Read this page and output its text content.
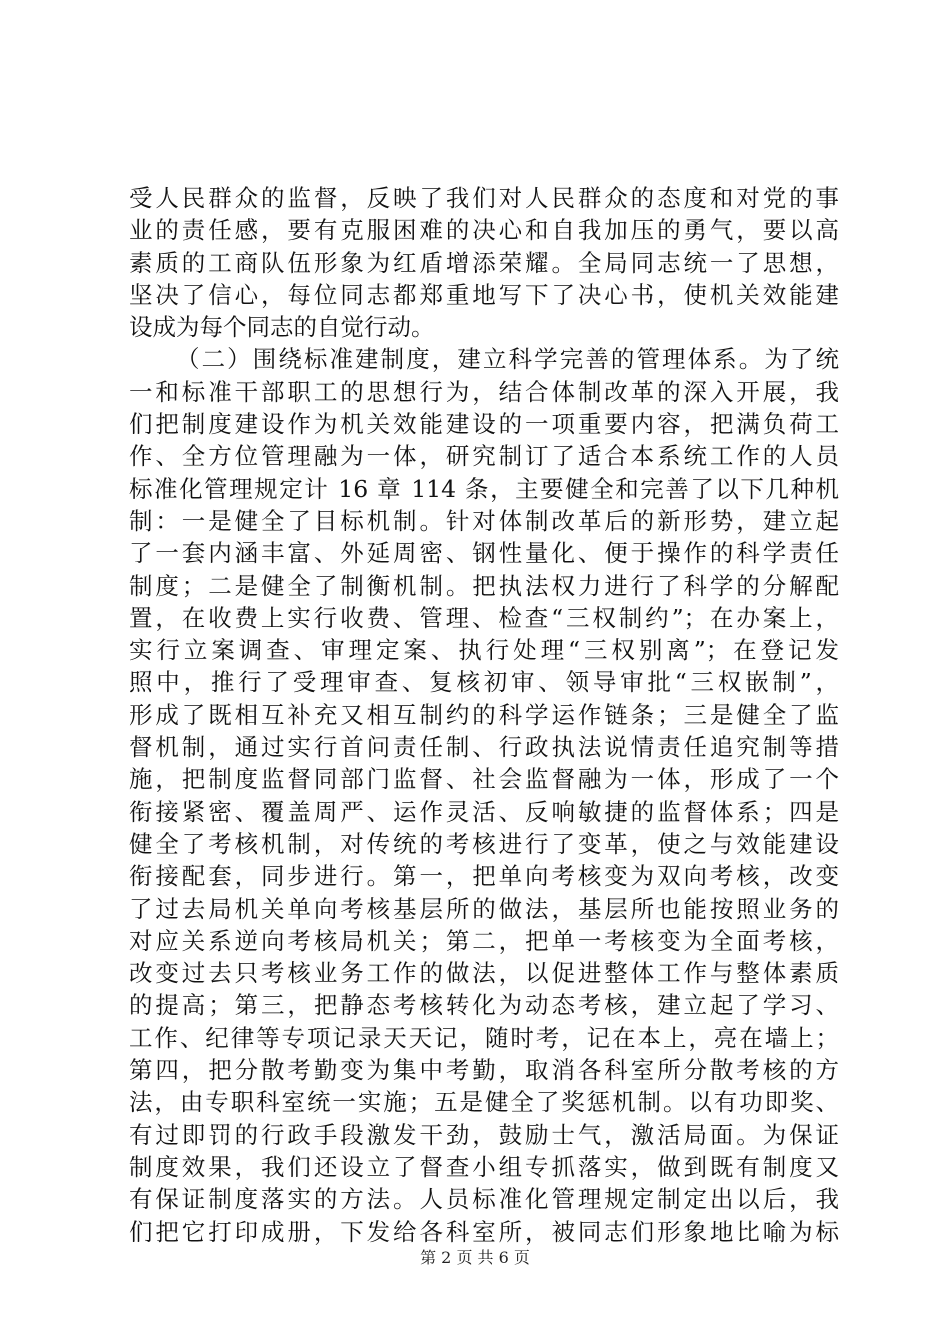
受人民群众的监督，反映了我们对人民群众的态度和对党的事
业的责任感，要有克服困难的决心和自我加压的勇气，要以高
素质的工商队伍形象为红盾增添荣耀。全局同志统一了思想，
坚决了信心，每位同志都郑重地写下了决心书，使机关效能建
设成为每个同志的自觉行动。
（二）围绕标准建制度，建立科学完善的管理体系。为了统
一和标准干部职工的思想行为，结合体制改革的深入开展，我
们把制度建设作为机关效能建设的一项重要内容，把满负荷工
作、全方位管理融为一体，研究制订了适合本系统工作的人员
标准化管理规定计 16 章 114 条，主要健全和完善了以下几种机
制：一是健全了目标机制。针对体制改革后的新形势，建立起
了一套内涵丰富、外延周密、钢性量化、便于操作的科学责任
制度；二是健全了制衡机制。把执法权力进行了科学的分解配
置，在收费上实行收费、管理、检查“三权制约”；在办案上，
实行立案调查、审理定案、执行处理“三权别离”；在登记发
照中，推行了受理审查、复核初审、领导审批“三权嵌制”，
形成了既相互补充又相互制约的科学运作链条；三是健全了监
督机制，通过实行首问责任制、行政执法说情责任追究制等措
施，把制度监督同部门监督、社会监督融为一体，形成了一个
衔接紧密、覆盖周严、运作灵活、反响敏捷的监督体系；四是
健全了考核机制，对传统的考核进行了变革，使之与效能建设
衔接配套，同步进行。第一，把单向考核变为双向考核，改变
了过去局机关单向考核基层所的做法，基层所也能按照业务的
对应关系逆向考核局机关；第二，把单一考核变为全面考核，
改变过去只考核业务工作的做法，以促进整体工作与整体素质
的提高；第三，把静态考核转化为动态考核，建立起了学习、
工作、纪律等专项记录天天记，随时考，记在本上，亮在墙上；
第四，把分散考勤变为集中考勤，取消各科室所分散考核的方
法，由专职科室统一实施；五是健全了奖惩机制。以有功即奖、
有过即罚的行政手段激发干劲，鼓励士气，激活局面。为保证
制度效果，我们还设立了督查小组专抓落实，做到既有制度又
有保证制度落实的方法。人员标准化管理规定制定出以后，我
们把它打印成册，下发给各科室所，被同志们形象地比喻为标
第 2 页 共 6 页
